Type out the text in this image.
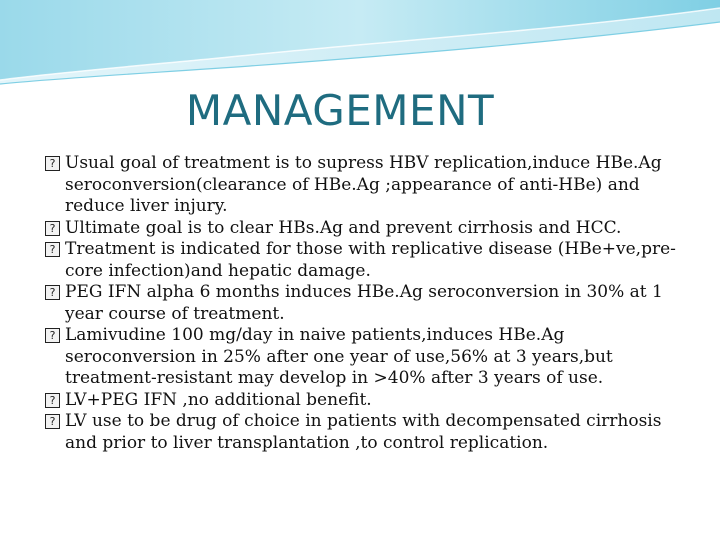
MANAGEMENT
? Usual goal of treatment is to supress HBV replication,induce HBe.Ag seroconversion(clearance of HBe.Ag ;appearance of anti-HBe) and reduce liver injury.
? Ultimate goal is to clear HBs.Ag and prevent cirrhosis and HCC.
? Treatment is indicated for those with replicative disease (HBe+ve,pre-core infection)and hepatic damage.
? PEG IFN alpha 6 months induces HBe.Ag seroconversion in 30% at 1 year course of treatment.
? Lamivudine 100 mg/day in naive patients,induces HBe.Ag seroconversion in 25% after one year of use,56% at 3 years,but treatment-resistant may develop in >40% after 3 years of use.
? LV+PEG IFN ,no additional benefit.
? LV use to be drug of choice in patients with decompensated cirrhosis and prior to liver transplantation ,to control replication.
